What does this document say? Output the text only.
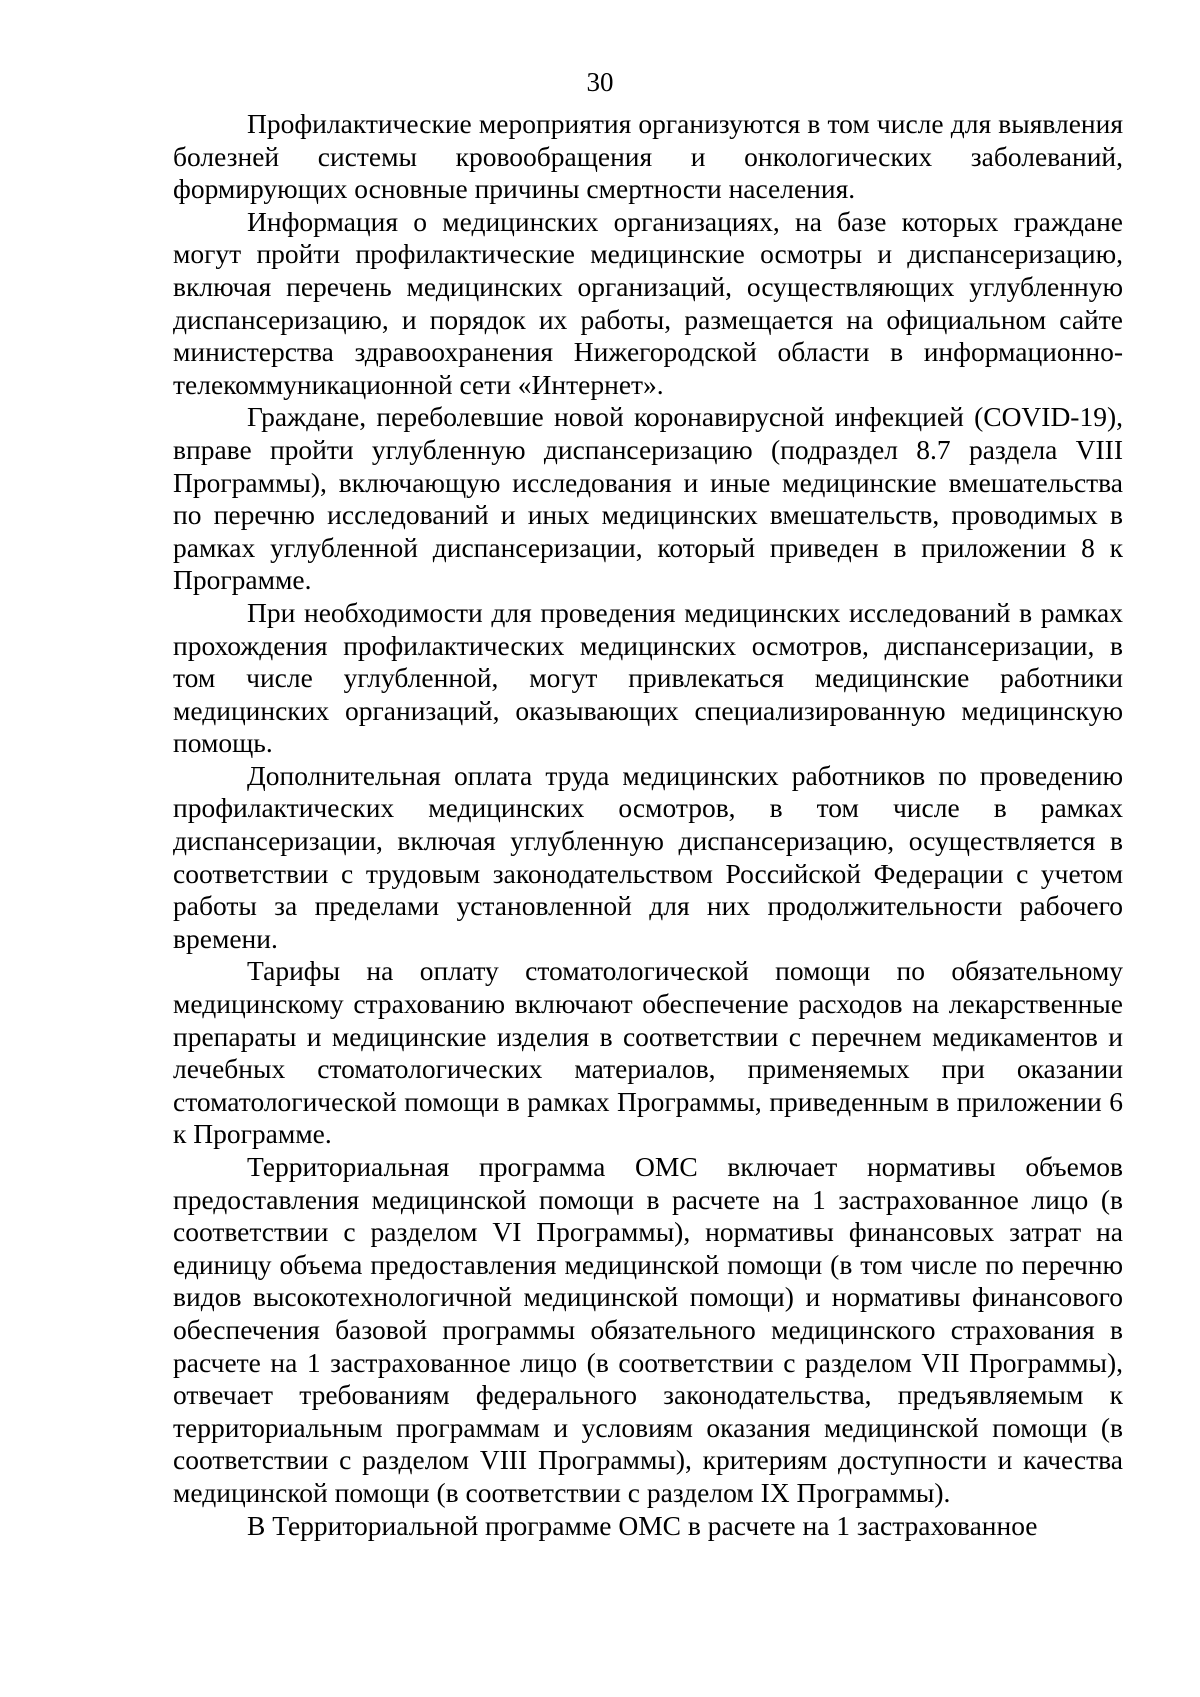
30

Профилактические мероприятия организуются в том числе для выявления болезней системы кровообращения и онкологических заболеваний, формирующих основные причины смертности населения.

Информация о медицинских организациях, на базе которых граждане могут пройти профилактические медицинские осмотры и диспансеризацию, включая перечень медицинских организаций, осуществляющих углубленную диспансеризацию, и порядок их работы, размещается на официальном сайте министерства здравоохранения Нижегородской области в информационно-телекоммуникационной сети «Интернет».

Граждане, переболевшие новой коронавирусной инфекцией (COVID-19), вправе пройти углубленную диспансеризацию (подраздел 8.7 раздела VIII Программы), включающую исследования и иные медицинские вмешательства по перечню исследований и иных медицинских вмешательств, проводимых в рамках углубленной диспансеризации, который приведен в приложении 8 к Программе.

При необходимости для проведения медицинских исследований в рамках прохождения профилактических медицинских осмотров, диспансеризации, в том числе углубленной, могут привлекаться медицинские работники медицинских организаций, оказывающих специализированную медицинскую помощь.

Дополнительная оплата труда медицинских работников по проведению профилактических медицинских осмотров, в том числе в рамках диспансеризации, включая углубленную диспансеризацию, осуществляется в соответствии с трудовым законодательством Российской Федерации с учетом работы за пределами установленной для них продолжительности рабочего времени.

Тарифы на оплату стоматологической помощи по обязательному медицинскому страхованию включают обеспечение расходов на лекарственные препараты и медицинские изделия в соответствии с перечнем медикаментов и лечебных стоматологических материалов, применяемых при оказании стоматологической помощи в рамках Программы, приведенным в приложении 6 к Программе.

Территориальная программа ОМС включает нормативы объемов предоставления медицинской помощи в расчете на 1 застрахованное лицо (в соответствии с разделом VI Программы), нормативы финансовых затрат на единицу объема предоставления медицинской помощи (в том числе по перечню видов высокотехнологичной медицинской помощи) и нормативы финансового обеспечения базовой программы обязательного медицинского страхования в расчете на 1 застрахованное лицо (в соответствии с разделом VII Программы), отвечает требованиям федерального законодательства, предъявляемым к территориальным программам и условиям оказания медицинской помощи (в соответствии с разделом VIII Программы), критериям доступности и качества медицинской помощи (в соответствии с разделом IX Программы).

В Территориальной программе ОМС в расчете на 1 застрахованное
